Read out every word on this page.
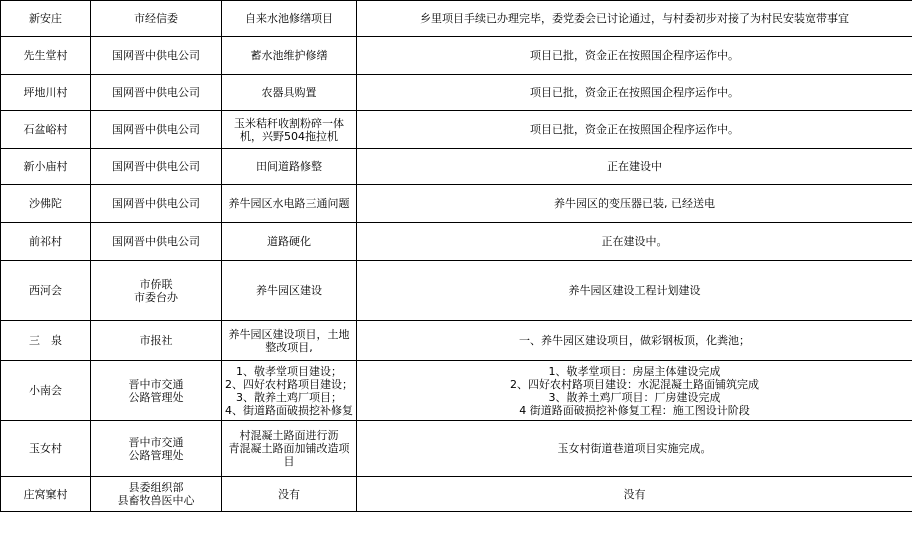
新安庄	市经信委	自来水池修缮项目	乡里项目手续已办理完毕，委党委会已讨论通过，与村委初步对接了为村民安装宽带事宜

先生堂村	国网晋中供电公司	蓄水池维护修缮	项目已批，资金正在按照国企程序运作中。

坪地川村	国网晋中供电公司	农器具购置	项目已批，资金正在按照国企程序运作中。

石盆峪村	国网晋中供电公司	玉米秸秆收割粉碎一体
机，兴野504拖拉机	项目已批，资金正在按照国企程序运作中。

新小庙村	国网晋中供电公司	田间道路修整	正在建设中

沙佛陀	国网晋中供电公司	养牛园区水电路三通问题	养牛园区的变压器已装, 已经送电

前祁村	国网晋中供电公司	道路硬化	正在建设中。

西河会	市侨联
市委台办	养牛园区建设	养牛园区建设工程计划建设

三　泉	市报社	养牛园区建设项目，土地
整改项目,	一、养牛园区建设项目，做彩钢板顶，化粪池；

小南会	晋中市交通
公路管理处	1、敬孝堂项目建设；
2、四好农村路项目建设；
3、散养土鸡厂项目；
4、街道路面破损挖补修复	1、敬孝堂项目：房屋主体建设完成
2、四好农村路项目建设：水泥混凝土路面铺筑完成
3、散养土鸡厂项目：厂房建设完成
4 街道路面破损挖补修复工程：施工图设计阶段

玉女村	晋中市交通
公路管理处	村混凝土路面进行沥
青混凝土路面加铺改造项
目	玉女村街道巷道项目实施完成。

庄窝窠村	县委组织部
县畜牧兽医中心	没有	没有
